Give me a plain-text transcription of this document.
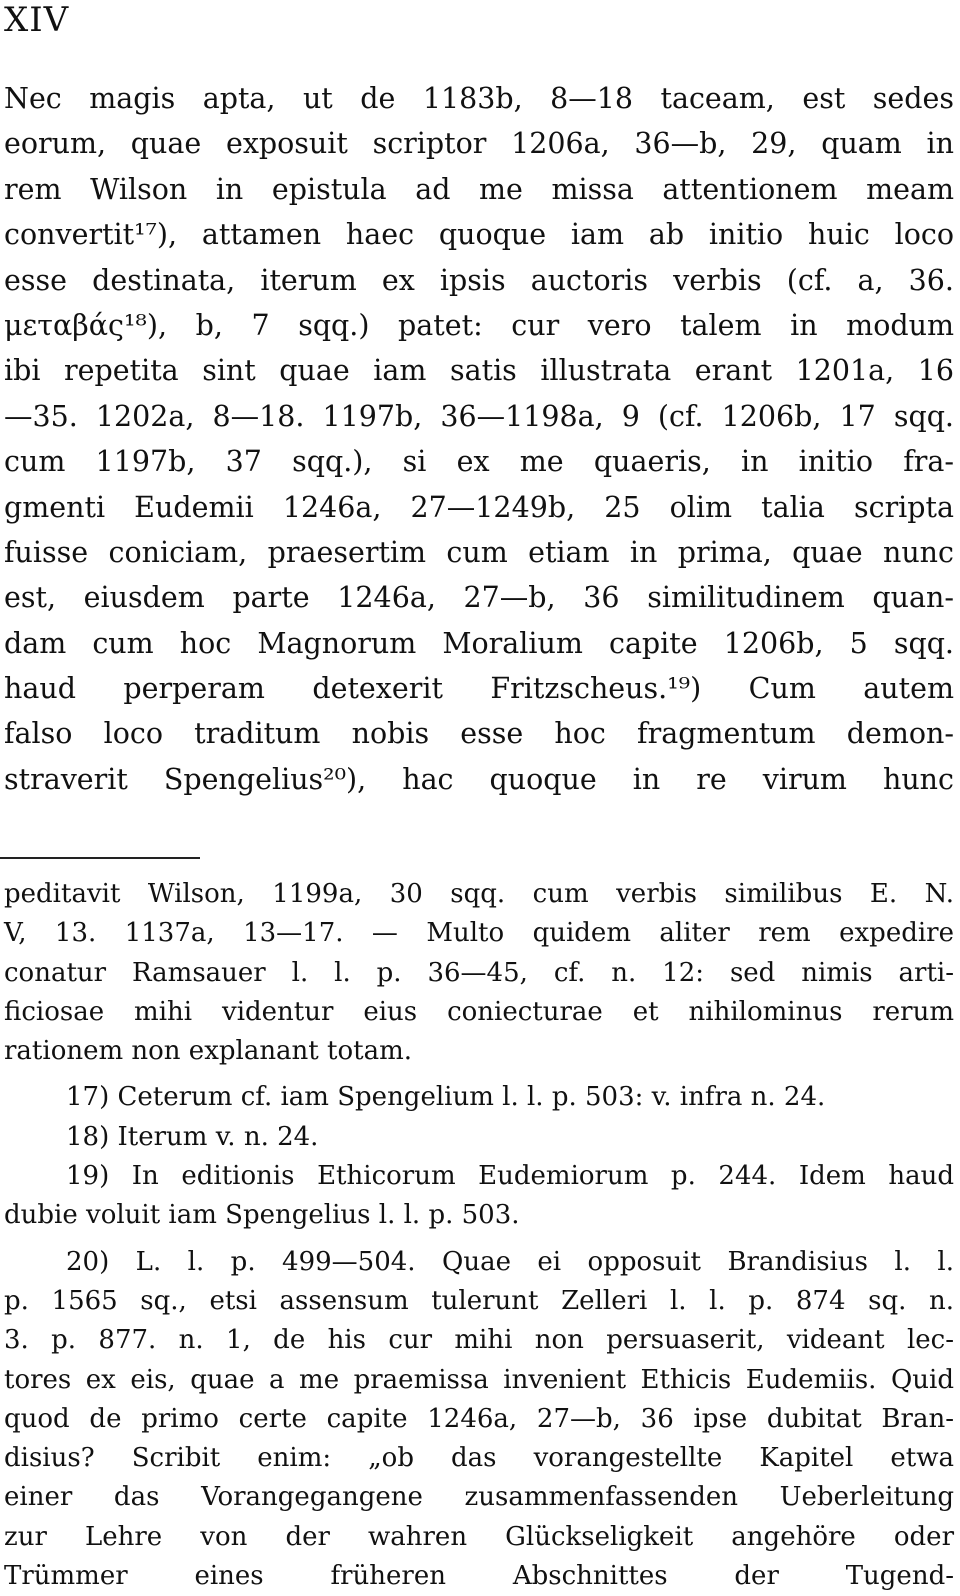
XIV
Nec magis apta, ut de 1183b, 8—18 taceam, est sedes
eorum, quae exposuit scriptor 1206a, 36—b, 29, quam in
rem Wilson in epistula ad me missa attentionem meam
convertit¹⁷), attamen haec quoque iam ab initio huic loco
esse destinata, iterum ex ipsis auctoris verbis (cf. a, 36.
μεταβάς¹⁸), b, 7 sqq.) patet: cur vero talem in modum
ibi repetita sint quae iam satis illustrata erant 1201a, 16
—35. 1202a, 8—18. 1197b, 36—1198a, 9 (cf. 1206b, 17 sqq.
cum 1197b, 37 sqq.), si ex me quaeris, in initio fra-
gmenti Eudemii 1246a, 27—1249b, 25 olim talia scripta
fuisse coniciam, praesertim cum etiam in prima, quae nunc
est, eiusdem parte 1246a, 27—b, 36 similitudinem quan-
dam cum hoc Magnorum Moralium capite 1206b, 5 sqq.
haud perperam detexerit Fritzscheus.¹⁹) Cum autem
falso loco traditum nobis esse hoc fragmentum demon-
straverit Spengelius²⁰), hac quoque in re virum hunc
peditavit Wilson, 1199a, 30 sqq. cum verbis similibus E. N.
V, 13. 1137a, 13—17. — Multo quidem aliter rem expedire
conatur Ramsauer l. l. p. 36—45, cf. n. 12: sed nimis arti-
ficiosae mihi videntur eius coniecturae et nihilominus rerum
rationem non explanant totam.
17) Ceterum cf. iam Spengelium l. l. p. 503: v. infra n. 24.
18) Iterum v. n. 24.
19) In editionis Ethicorum Eudemiorum p. 244. Idem haud
dubie voluit iam Spengelius l. l. p. 503.
20) L. l. p. 499—504. Quae ei opposuit Brandisius l. l.
p. 1565 sq., etsi assensum tulerunt Zelleri l. l. p. 874 sq. n.
3. p. 877. n. 1, de his cur mihi non persuaserit, videant lec-
tores ex eis, quae a me praemissa invenient Ethicis Eudemiis. Quid
quod de primo certe capite 1246a, 27—b, 36 ipse dubitat Bran-
disius? Scribit enim: „ob das vorangestellte Kapitel etwa
einer das Vorangegangene zusammenfassenden Ueberleitung
zur Lehre von der wahren Glückseligkeit angehöre oder
Trümmer eines früheren Abschnittes der Tugend-
